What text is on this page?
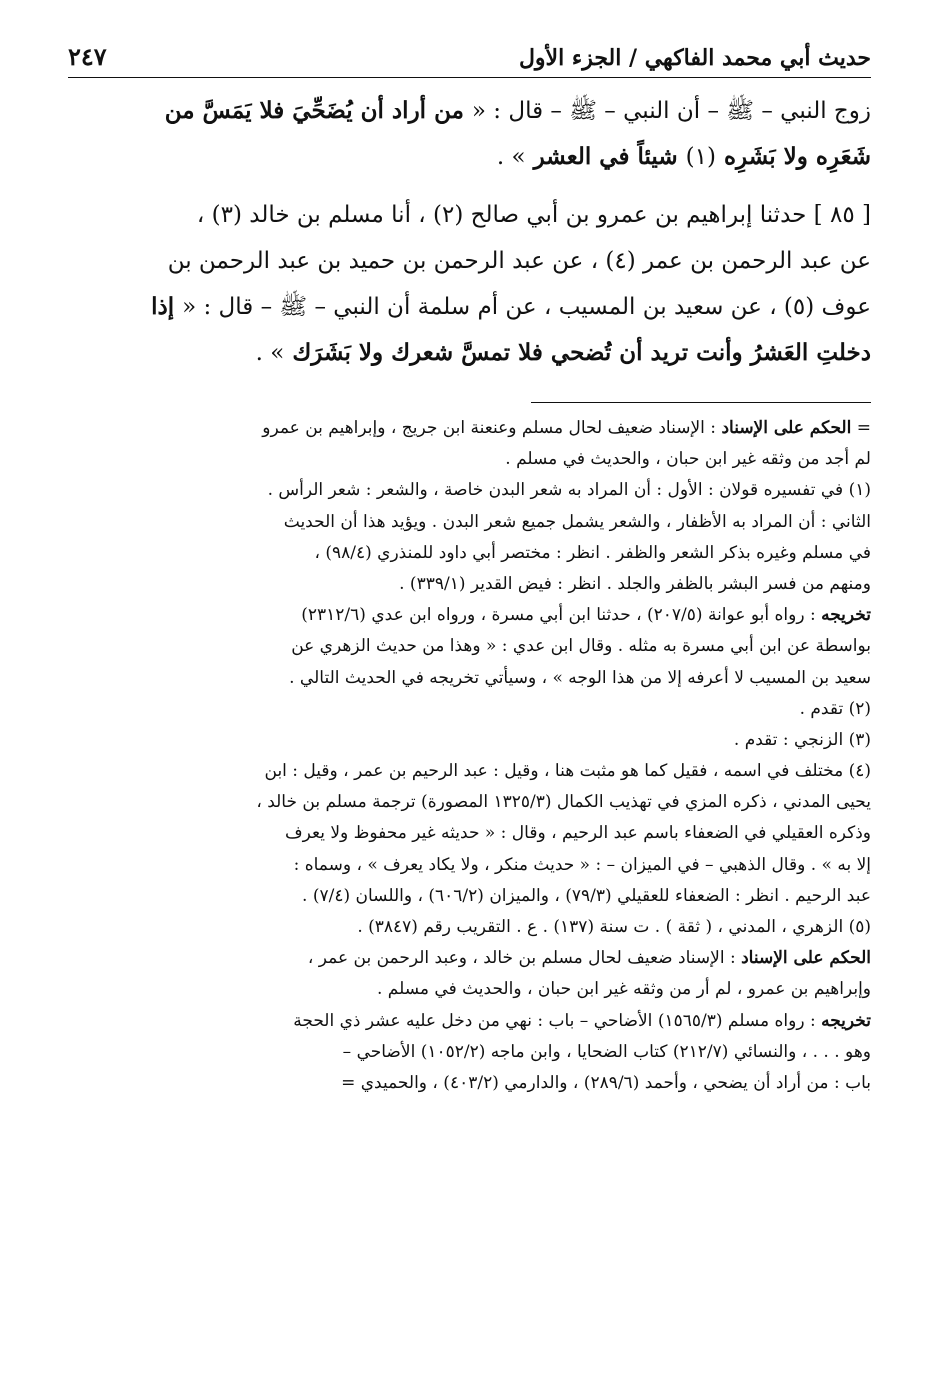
حديث أبي محمد الفاكهي / الجزء الأول
٢٤٧
زوج النبي – ﷺ – أن النبي – ﷺ – قال : « من أراد أن يُضَحِّيَ فلا يَمَسَّ من
شَعَرِه ولا بَشَرِه (١) شيئاً في العشر » .
[ ٨٥ ] حدثنا إبراهيم بن عمرو بن أبي صالح (٢) ، أنا مسلم بن خالد (٣) ،
عن عبد الرحمن بن عمر (٤) ، عن عبد الرحمن بن حميد بن عبد الرحمن بن
عوف (٥) ، عن سعيد بن المسيب ، عن أم سلمة أن النبي – ﷺ – قال : « إذا
دخلتِ العَشرُ وأنت تريد أن تُضحي فلا تمسَّ شعرك ولا بَشَرَك » .
= الحكم على الإسناد : الإسناد ضعيف لحال مسلم وعنعنة ابن جريج ، وإبراهيم بن عمرو
لم أجد من وثقه غير ابن حبان ، والحديث في مسلم .
(١) في تفسيره قولان : الأول : أن المراد به شعر البدن خاصة ، والشعر : شعر الرأس .
الثاني : أن المراد به الأظفار ، والشعر يشمل جميع شعر البدن . ويؤيد هذا أن الحديث
في مسلم وغيره بذكر الشعر والظفر . انظر : مختصر أبي داود للمنذري (٩٨/٤) ،
ومنهم من فسر البشر بالظفر والجلد . انظر : فيض القدير (٣٣٩/١) .
تخريجه : رواه أبو عوانة (٢٠٧/٥) ، حدثنا ابن أبي مسرة ، ورواه ابن عدي (٢٣١٢/٦)
بواسطة عن ابن أبي مسرة به مثله . وقال ابن عدي : « وهذا من حديث الزهري عن
سعيد بن المسيب لا أعرفه إلا من هذا الوجه » ، وسيأتي تخريجه في الحديث التالي .
(٢) تقدم .
(٣) الزنجي : تقدم .
(٤) مختلف في اسمه ، فقيل كما هو مثبت هنا ، وقيل : عبد الرحيم بن عمر ، وقيل : ابن
يحيى المدني ، ذكره المزي في تهذيب الكمال (١٣٢٥/٣ المصورة) ترجمة مسلم بن خالد ،
وذكره العقيلي في الضعفاء باسم عبد الرحيم ، وقال : « حديثه غير محفوظ ولا يعرف
إلا به » . وقال الذهبي – في الميزان – : « حديث منكر ، ولا يكاد يعرف » ، وسماه :
عبد الرحيم . انظر : الضعفاء للعقيلي (٧٩/٣) ، والميزان (٦٠٦/٢) ، واللسان (٧/٤) .
(٥) الزهري ، المدني ، ( ثقة ) . ت سنة (١٣٧) . ع . التقريب رقم (٣٨٤٧) .
الحكم على الإسناد : الإسناد ضعيف لحال مسلم بن خالد ، وعبد الرحمن بن عمر ،
وإبراهيم بن عمرو ، لم أر من وثقه غير ابن حبان ، والحديث في مسلم .
تخريجه : رواه مسلم (١٥٦٥/٣) الأضاحي – باب : نهي من دخل عليه عشر ذي الحجة
وهو . . . ، والنسائي (٢١٢/٧) كتاب الضحايا ، وابن ماجه (١٠٥٢/٢) الأضاحي –
باب : من أراد أن يضحي ، وأحمد (٢٨٩/٦) ، والدارمي (٤٠٣/٢) ، والحميدي =
